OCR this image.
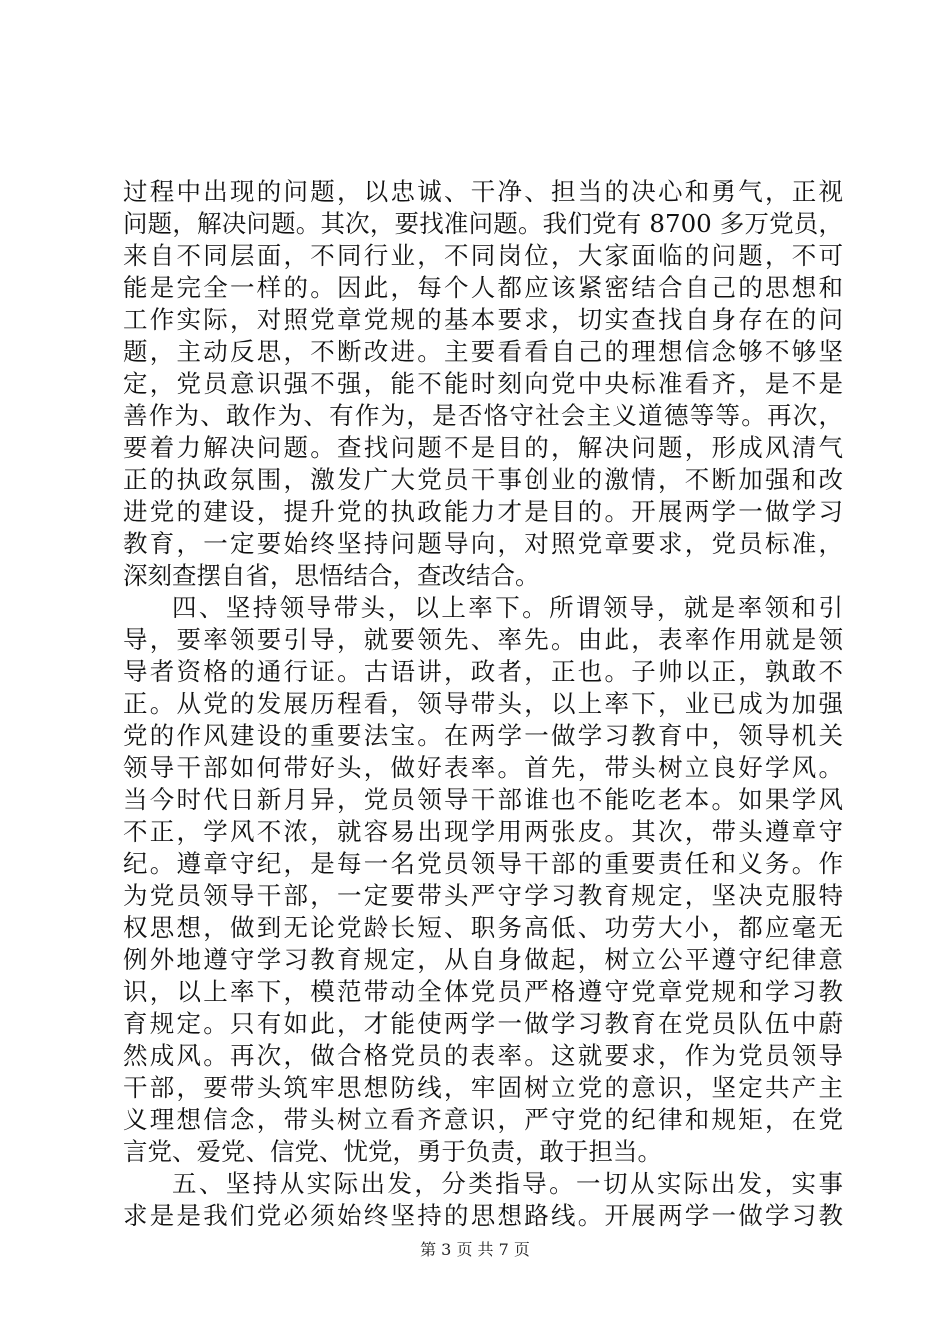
过程中出现的问题，以忠诚、干净、担当的决心和勇气，正视
问题，解决问题。其次，要找准问题。我们党有 8700 多万党员，
来自不同层面，不同行业，不同岗位，大家面临的问题，不可
能是完全一样的。因此，每个人都应该紧密结合自己的思想和
工作实际，对照党章党规的基本要求，切实查找自身存在的问
题，主动反思，不断改进。主要看看自己的理想信念够不够坚
定，党员意识强不强，能不能时刻向党中央标准看齐，是不是
善作为、敢作为、有作为，是否恪守社会主义道德等等。再次，
要着力解决问题。查找问题不是目的，解决问题，形成风清气
正的执政氛围，激发广大党员干事创业的激情，不断加强和改
进党的建设，提升党的执政能力才是目的。开展两学一做学习
教育，一定要始终坚持问题导向，对照党章要求，党员标准，
深刻查摆自省，思悟结合，查改结合。
四、坚持领导带头，以上率下。所谓领导，就是率领和引
导，要率领要引导，就要领先、率先。由此，表率作用就是领
导者资格的通行证。古语讲，政者，正也。子帅以正，孰敢不
正。从党的发展历程看，领导带头，以上率下，业已成为加强
党的作风建设的重要法宝。在两学一做学习教育中，领导机关
领导干部如何带好头，做好表率。首先，带头树立良好学风。
当今时代日新月异，党员领导干部谁也不能吃老本。如果学风
不正，学风不浓，就容易出现学用两张皮。其次，带头遵章守
纪。遵章守纪，是每一名党员领导干部的重要责任和义务。作
为党员领导干部，一定要带头严守学习教育规定，坚决克服特
权思想，做到无论党龄长短、职务高低、功劳大小，都应毫无
例外地遵守学习教育规定，从自身做起，树立公平遵守纪律意
识，以上率下，模范带动全体党员严格遵守党章党规和学习教
育规定。只有如此，才能使两学一做学习教育在党员队伍中蔚
然成风。再次，做合格党员的表率。这就要求，作为党员领导
干部，要带头筑牢思想防线，牢固树立党的意识，坚定共产主
义理想信念，带头树立看齐意识，严守党的纪律和规矩，在党
言党、爱党、信党、忧党，勇于负责，敢于担当。
五、坚持从实际出发，分类指导。一切从实际出发，实事
求是是我们党必须始终坚持的思想路线。开展两学一做学习教
第 3 页 共 7 页
